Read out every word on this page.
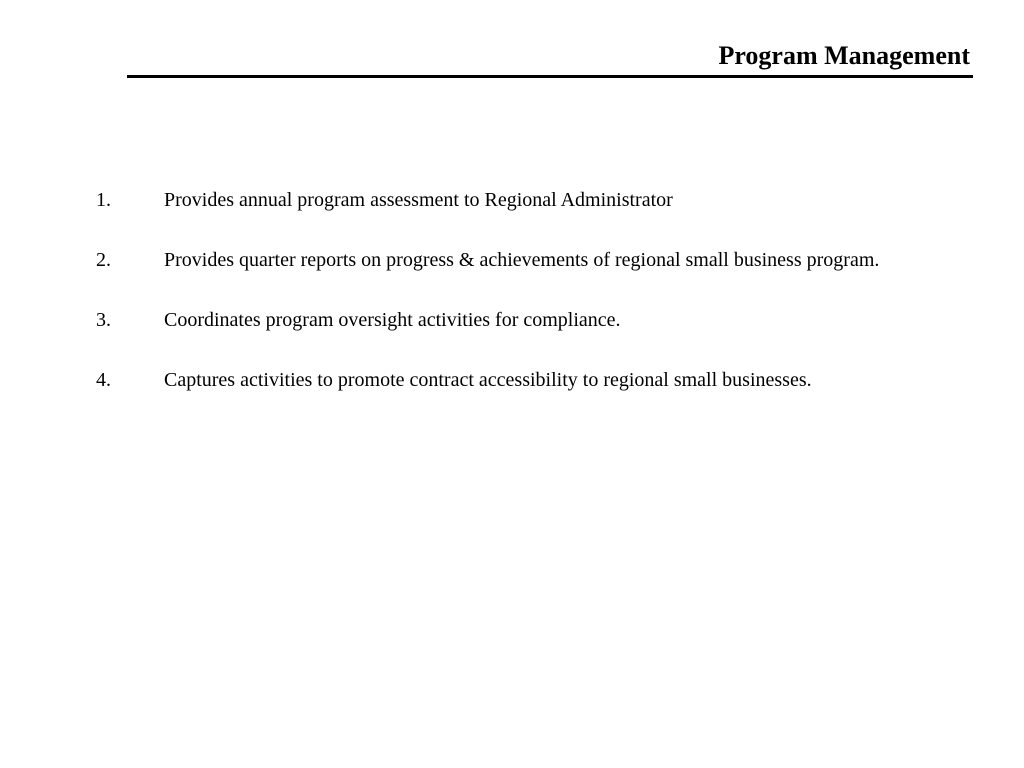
Program Management
1.	Provides annual program assessment to Regional Administrator
2.	Provides quarter reports on progress & achievements of regional small business program.
3.	Coordinates program oversight activities for compliance.
4.	Captures activities to promote contract accessibility to regional small businesses.
